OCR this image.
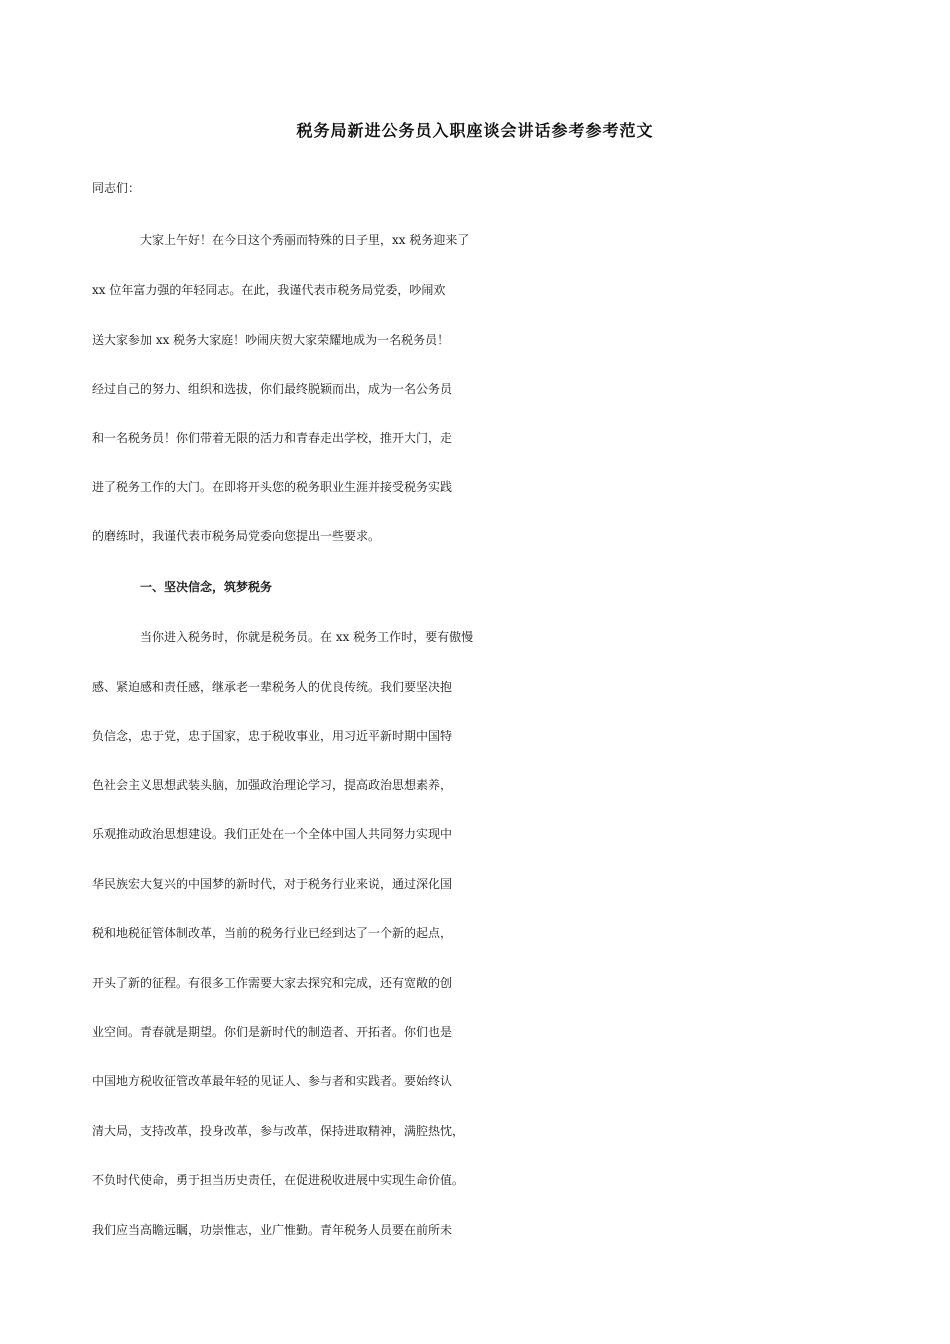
税务局新进公务员入职座谈会讲话参考参考范文
同志们：
大家上午好！在今日这个秀丽而特殊的日子里，xx 税务迎来了
xx 位年富力强的年轻同志。在此，我谨代表市税务局党委，吵闹欢
送大家参加 xx 税务大家庭！吵闹庆贺大家荣耀地成为一名税务员！
经过自己的努力、组织和选拔，你们最终脱颖而出，成为一名公务员
和一名税务员！你们带着无限的活力和青春走出学校，推开大门，走
进了税务工作的大门。在即将开头您的税务职业生涯并接受税务实践
的磨练时，我谨代表市税务局党委向您提出一些要求。
一、坚决信念，筑梦税务
当你进入税务时，你就是税务员。在 xx 税务工作时，要有傲慢
感、紧迫感和责任感，继承老一辈税务人的优良传统。我们要坚决抱
负信念，忠于党，忠于国家，忠于税收事业，用习近平新时期中国特
色社会主义思想武装头脑，加强政治理论学习，提高政治思想素养，
乐观推动政治思想建设。我们正处在一个全体中国人共同努力实现中
华民族宏大复兴的中国梦的新时代，对于税务行业来说，通过深化国
税和地税征管体制改革，当前的税务行业已经到达了一个新的起点，
开头了新的征程。有很多工作需要大家去探究和完成，还有宽敞的创
业空间。青春就是期望。你们是新时代的制造者、开拓者。你们也是
中国地方税收征管改革最年轻的见证人、参与者和实践者。要始终认
清大局，支持改革，投身改革，参与改革，保持进取精神，满腔热忱，
不负时代使命，勇于担当历史责任，在促进税收进展中实现生命价值。
我们应当高瞻远瞩，功崇惟志，业广惟勤。青年税务人员要在前所未
